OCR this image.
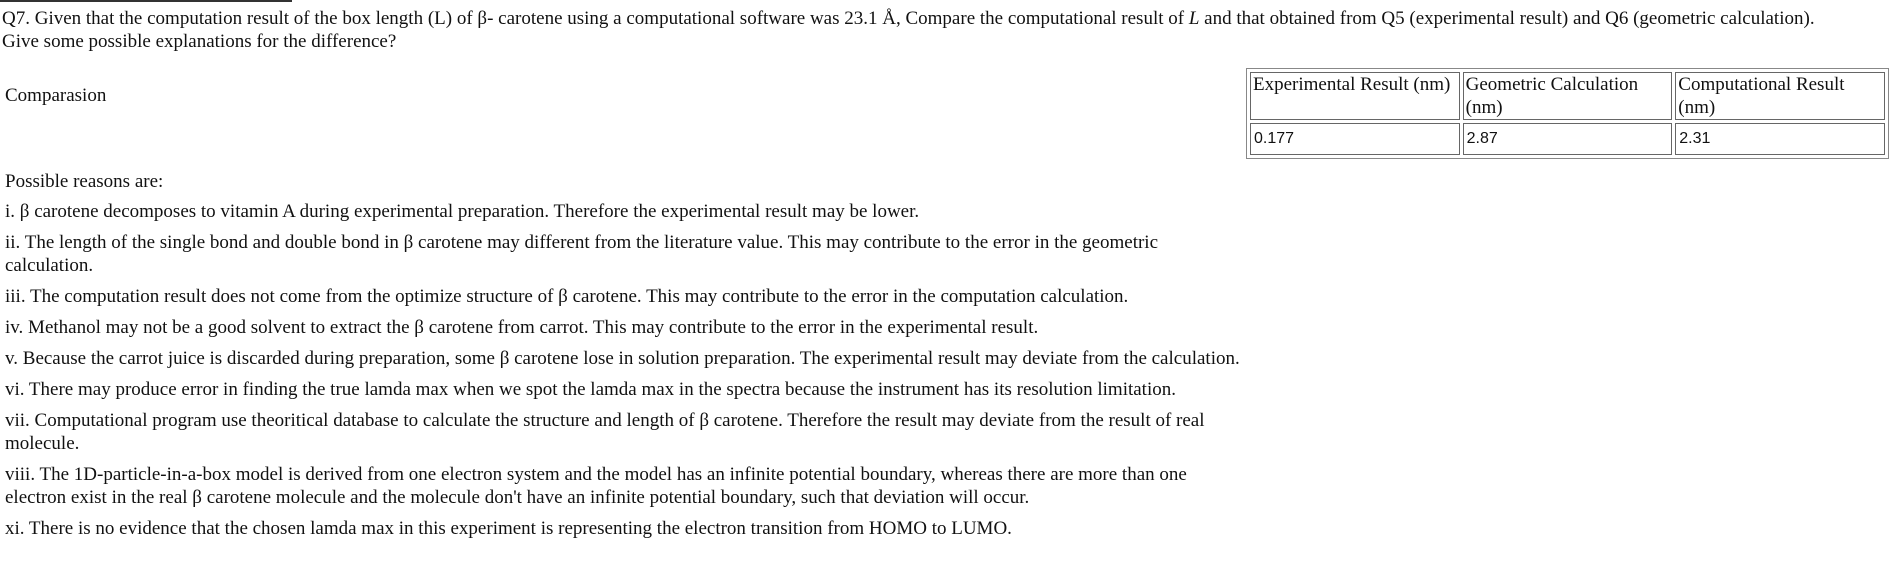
Q7. Given that the computation result of the box length (L) of β- carotene using a computational software was 23.1 Å, Compare the computational result of L and that obtained from Q5 (experimental result) and Q6 (geometric calculation). Give some possible explanations for the difference?

Comparasion

Experimental Result (nm)	Geometric Calculation (nm)	Computational Result (nm)
0.177	2.87	2.31

Possible reasons are:

i. β carotene decomposes to vitamin A during experimental preparation. Therefore the experimental result may be lower.
ii. The length of the single bond and double bond in β carotene may different from the literature value. This may contribute to the error in the geometric calculation.
iii. The computation result does not come from the optimize structure of β carotene. This may contribute to the error in the computation calculation.
iv. Methanol may not be a good solvent to extract the β carotene from carrot. This may contribute to the error in the experimental result.
v. Because the carrot juice is discarded during preparation, some β carotene lose in solution preparation. The experimental result may deviate from the calculation.
vi. There may produce error in finding the true lamda max when we spot the lamda max in the spectra because the instrument has its resolution limitation.
vii. Computational program use theoritical database to calculate the structure and length of β carotene. Therefore the result may deviate from the result of real molecule.
viii. The 1D-particle-in-a-box model is derived from one electron system and the model has an infinite potential boundary, whereas there are more than one electron exist in the real β carotene molecule and the molecule don't have an infinite potential boundary, such that deviation will occur.
xi. There is no evidence that the chosen lamda max in this experiment is representing the electron transition from HOMO to LUMO.
